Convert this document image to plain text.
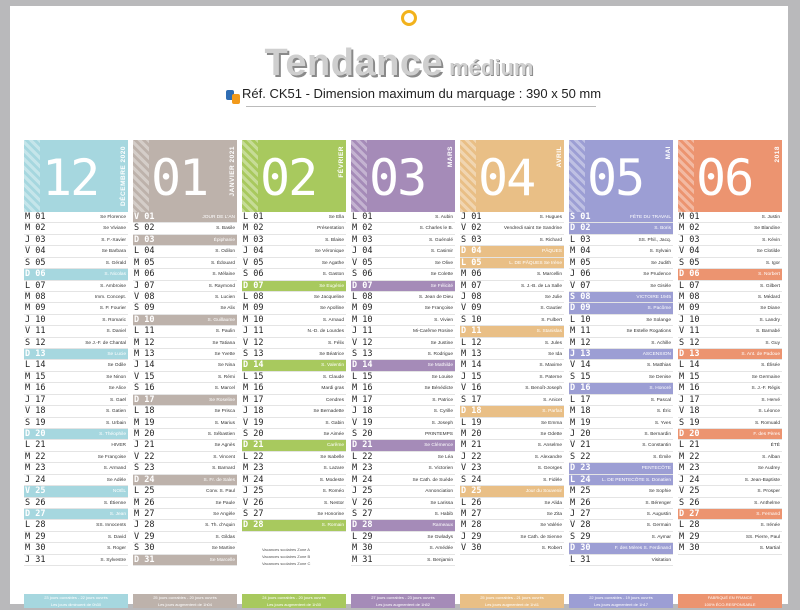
Tendance médium
Réf. CK51 - Dimension maximum du marquage : 390 x 50 mm
12	DÉCEMBRE 2020
M 01	Se Florence
M 02	Se Viviane
J 03	S. F.-Xavier
V 04	Se Barbara
S 05	S. Gérald
D 06	S. Nicolas
L 07	S. Ambroise
M 08	Imm. Concept.
M 09	S. P. Fourier
J 10	S. Romaric
V 11	S. Daniel
S 12	Se J.-F. de Chantal
D 13	Se Lucie
L 14	Se Odile
M 15	Se Ninon
M 16	Se Alice
J 17	S. Gaël
V 18	S. Gatien
S 19	S. Urbain
D 20	S. Théophile
L 21	HIVER
M 22	Se Françoise
M 23	S. Armand
J 24	Se Adèle
V 25	NOËL
S 26	S. Étienne
D 27	S. Jean
L 28	SS. Innocents
M 29	S. David
M 30	S. Roger
J 31	S. Sylvestre
23 jours ouvrables - 22 jours ouvrés
Les jours diminuent de 0h30
01	JANVIER 2021
V 01	JOUR DE L'AN
S 02	S. Basile
D 03	Épiphanie
L 04	S. Odilon
M 05	S. Édouard
M 06	S. Mélaine
J 07	S. Raymond
V 08	S. Lucien
S 09	Se Alix
D 10	S. Guillaume
L 11	S. Paulin
M 12	Se Tatiana
M 13	Se Yvette
J 14	Se Nina
V 15	S. Rémi
S 16	S. Marcel
D 17	Se Roseline
L 18	Se Prisca
M 19	S. Marius
M 20	S. Sébastien
J 21	Se Agnès
V 22	S. Vincent
S 23	S. Barnard
D 24	S. Fr. de Sales
L 25	Conv. S. Paul
M 26	Se Paule
M 27	Se Angèle
J 28	S. Th. d'Aquin
V 29	S. Gildas
S 30	Se Martine
D 31	Se Marcelle
25 jours ouvrables - 20 jours ouvrés
Les jours augmentent de 1h04
02	FÉVRIER
L 01	Se Ella
M 02	Présentation
M 03	S. Blaise
J 04	Se Véronique
V 05	Se Agathe
S 06	S. Gaston
D 07	Se Eugénie
L 08	Se Jacqueline
M 09	Se Apolline
M 10	S. Arnaud
J 11	N.-D. de Lourdes
V 12	S. Félix
S 13	Se Béatrice
D 14	S. Valentin
L 15	S. Claude
M 16	Mardi gras
M 17	Cendres
J 18	Se Bernadette
V 19	S. Gabin
S 20	Se Aimée
D 21	Carême
L 22	Se Isabelle
M 23	S. Lazare
M 24	S. Modeste
J 25	S. Roméo
V 26	S. Nestor
S 27	Se Honorine
D 28	S. Romain
24 jours ouvrables - 20 jours ouvrés
Les jours augmentent de 1h30
03	MARS
L 01	S. Aubin
M 02	S. Charles le B.
M 03	S. Guénolé
J 04	S. Casimir
V 05	Se Olive
S 06	Se Colette
D 07	Se Félicité
L 08	S. Jean de Dieu
M 09	Se Françoise
M 10	S. Vivien
J 11	Mi-Carême Rosine
V 12	Se Justine
S 13	S. Rodrigue
D 14	Se Mathilde
L 15	Se Louise
M 16	Se Bénédicte
M 17	S. Patrice
J 18	S. Cyrille
V 19	S. Joseph
S 20	PRINTEMPS
D 21	Se Clémence
L 22	Se Léa
M 23	S. Victorien
M 24	Se Cath. de Suède
J 25	Annonciation
V 26	Se Larissa
S 27	S. Habib
D 28	Rameaux
L 29	Se Gwladys
M 30	S. Amédée
M 31	S. Benjamin
27 jours ouvrables - 23 jours ouvrés
Les jours augmentent de 1h52
04	AVRIL
J 01	S. Hugues
V 02	Vendredi saint Se Sandrine
S 03	S. Richard
D 04	PÂQUES
L 05	L. DE PÂQUES Se Irène
M 06	S. Marcellin
M 07	S. J.-B. de La Salle
J 08	Se Julie
V 09	S. Gautier
S 10	S. Fulbert
D 11	S. Stanislas
L 12	S. Jules
M 13	Se Ida
M 14	S. Maxime
J 15	S. Paterne
V 16	S. Benoît-Joseph
S 17	S. Anicet
D 18	S. Parfait
L 19	Se Emma
M 20	Se Odette
M 21	S. Anselme
J 22	S. Alexandre
V 23	S. Georges
S 24	S. Fidèle
D 25	Jour du Souvenir
L 26	Se Alida
M 27	Se Zita
M 28	Se Valérie
J 29	Se Cath. de Sienne
V 30	S. Robert
25 jours ouvrables - 21 jours ouvrés
Les jours augmentent de 1h41
05	MAI
S 01	FÊTE DU TRAVAIL
D 02	S. Boris
L 03	SS. Phil., Jacq.
M 04	S. Sylvain
M 05	Se Judith
J 06	Se Prudence
V 07	Se Gisèle
S 08	VICTOIRE 1945
D 09	S. Pacôme
L 10	Se Solange
M 11	Se Estelle Rogations
M 12	S. Achille
J 13	ASCENSION
V 14	S. Matthias
S 15	Se Denise
D 16	S. Honoré
L 17	S. Pascal
M 18	S. Éric
M 19	S. Yves
J 20	S. Bernardin
V 21	S. Constantin
S 22	S. Émile
D 23	PENTECÔTE
L 24 L. DE PENTECÔTE S. Donatien
M 25	Se Sophie
M 26	S. Bérenger
J 27	S. Augustin
V 28	S. Germain
S 29	S. Aymar
D 30	F. des Mères S. Ferdinand
L 31	Visitation
22 jours ouvrables - 19 jours ouvrés
Les jours augmentent de 1h17
06	2018
M 01	S. Justin
M 02	Se Blandine
J 03	S. Kévin
V 04	Se Clotilde
S 05	S. Igor
D 06	S. Norbert
L 07	S. Gilbert
M 08	S. Médard
M 09	Se Diane
J 10	S. Landry
V 11	S. Barnabé
S 12	S. Guy
D 13	S. Ant. de Padoue
L 14	S. Élisée
M 15	Se Germaine
M 16	S. J.-F. Régis
J 17	S. Hervé
V 18	S. Léonce
S 19	S. Romuald
D 20	F. des Pères
L 21	ÉTÉ
M 22	S. Alban
M 23	Se Audrey
J 24	S. Jean-Baptiste
V 25	S. Prosper
S 26	S. Anthelme
D 27	S. Fernand
L 28	S. Irénée
M 29	SS. Pierre, Paul
M 30	S. Martial
FABRIQUÉ EN FRANCE
100% ÉCO-RESPONSABLE
Vacances scolaires Zone A
Vacances scolaires Zone B
Vacances scolaires Zone C
